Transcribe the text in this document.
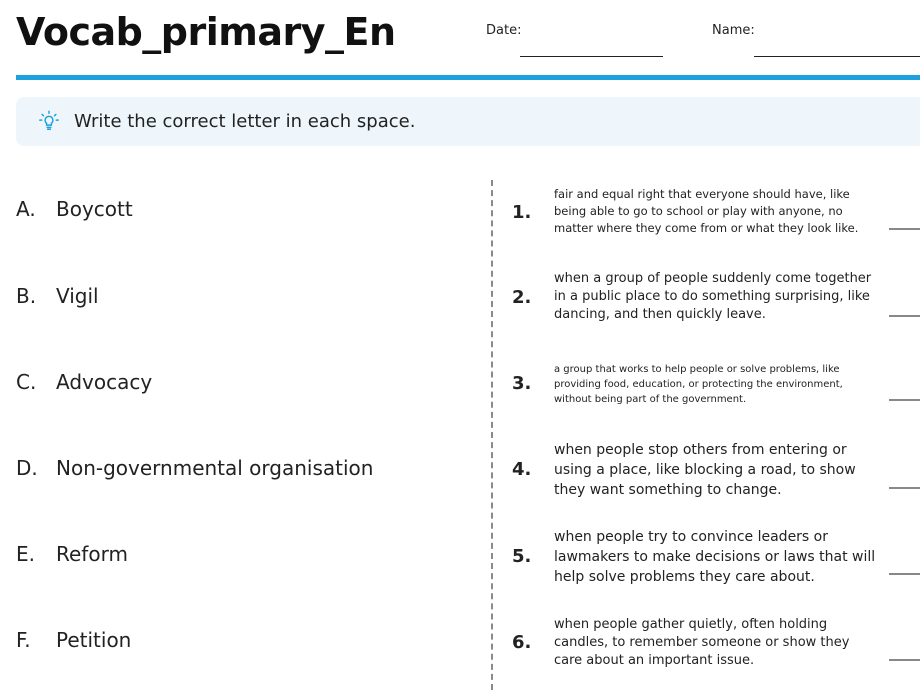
Vocab_primary_En	Date:	Name:
Write the correct letter in each space.
A. Boycott
B. Vigil
C. Advocacy
D. Non-governmental organisation
E. Reform
F. Petition
1.
fair and equal right that everyone should have, like being able to go to school or play with anyone, no matter where they come from or what they look like.
2.
when a group of people suddenly come together in a public place to do something surprising, like dancing, and then quickly leave.
3.
a group that works to help people or solve problems, like providing food, education, or protecting the environment, without being part of the government.
4.
when people stop others from entering or using a place, like blocking a road, to show they want something to change.
5.
when people try to convince leaders or lawmakers to make decisions or laws that will help solve problems they care about.
6.
when people gather quietly, often holding candles, to remember someone or show they care about an important issue.
